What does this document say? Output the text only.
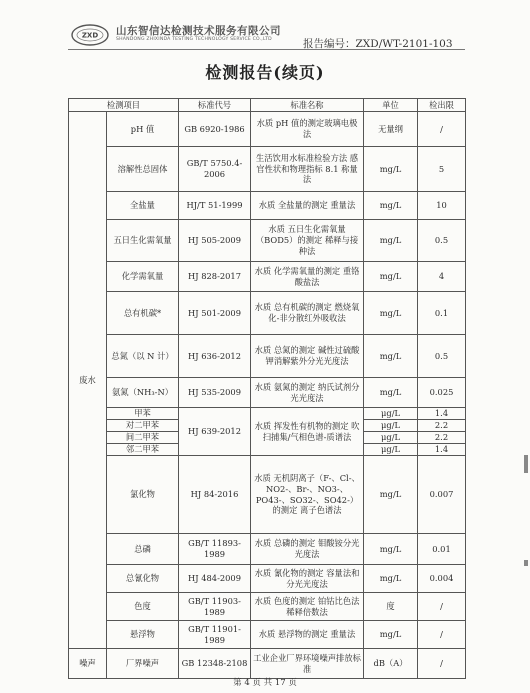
ZXD 山东智信达检测技术服务有限公司
SHANDONG ZHIXINDA TESTING TECHNOLOGY SERVICE CO.,LTD	报告编号：ZXD/WT-2101-103
检测报告(续页)
检测项目		标准代号	标准名称	单位	检出限
废水	pH 值	GB 6920-1986	水质 pH 值的测定玻璃电极法	无量纲	/
	溶解性总固体	GB/T 5750.4-2006	生活饮用水标准检验方法 感官性状和物理指标 8.1 称量法	mg/L	5
	全盐量	HJ/T 51-1999	水质 全盐量的测定 重量法	mg/L	10
	五日生化需氧量	HJ 505-2009	水质 五日生化需氧量（BOD5）的测定 稀释与接种法	mg/L	0.5
	化学需氧量	HJ 828-2017	水质 化学需氧量的测定 重铬酸盐法	mg/L	4
	总有机碳*	HJ 501-2009	水质 总有机碳的测定 燃烧氧化-非分散红外吸收法	mg/L	0.1
	总氮（以 N 计）	HJ 636-2012	水质 总氮的测定 碱性过硫酸钾消解紫外分光光度法	mg/L	0.5
	氨氮（NH₃-N）	HJ 535-2009	水质 氨氮的测定 纳氏试剂分光光度法	mg/L	0.025
	甲苯	HJ 639-2012	水质 挥发性有机物的测定 吹扫捕集/气相色谱-质谱法	μg/L	1.4
	对二甲苯			μg/L	2.2
	间二甲苯			μg/L	2.2
	邻二甲苯			μg/L	1.4
	氯化物	HJ 84-2016	水质 无机阴离子（F-、Cl-、NO2-、Br-、NO3-、PO43-、SO32-、SO42-）的测定 离子色谱法	mg/L	0.007
	总磷	GB/T 11893-1989	水质 总磷的测定 钼酸铵分光光度法	mg/L	0.01
	总氰化物	HJ 484-2009	水质 氰化物的测定 容量法和分光光度法	mg/L	0.004
	色度	GB/T 11903-1989	水质 色度的测定 铂钴比色法 稀释倍数法	度	/
	悬浮物	GB/T 11901-1989	水质 悬浮物的测定 重量法	mg/L	/
噪声	厂界噪声	GB 12348-2108	工业企业厂界环境噪声排放标准	dB（A）	/
第 4 页 共 17 页
